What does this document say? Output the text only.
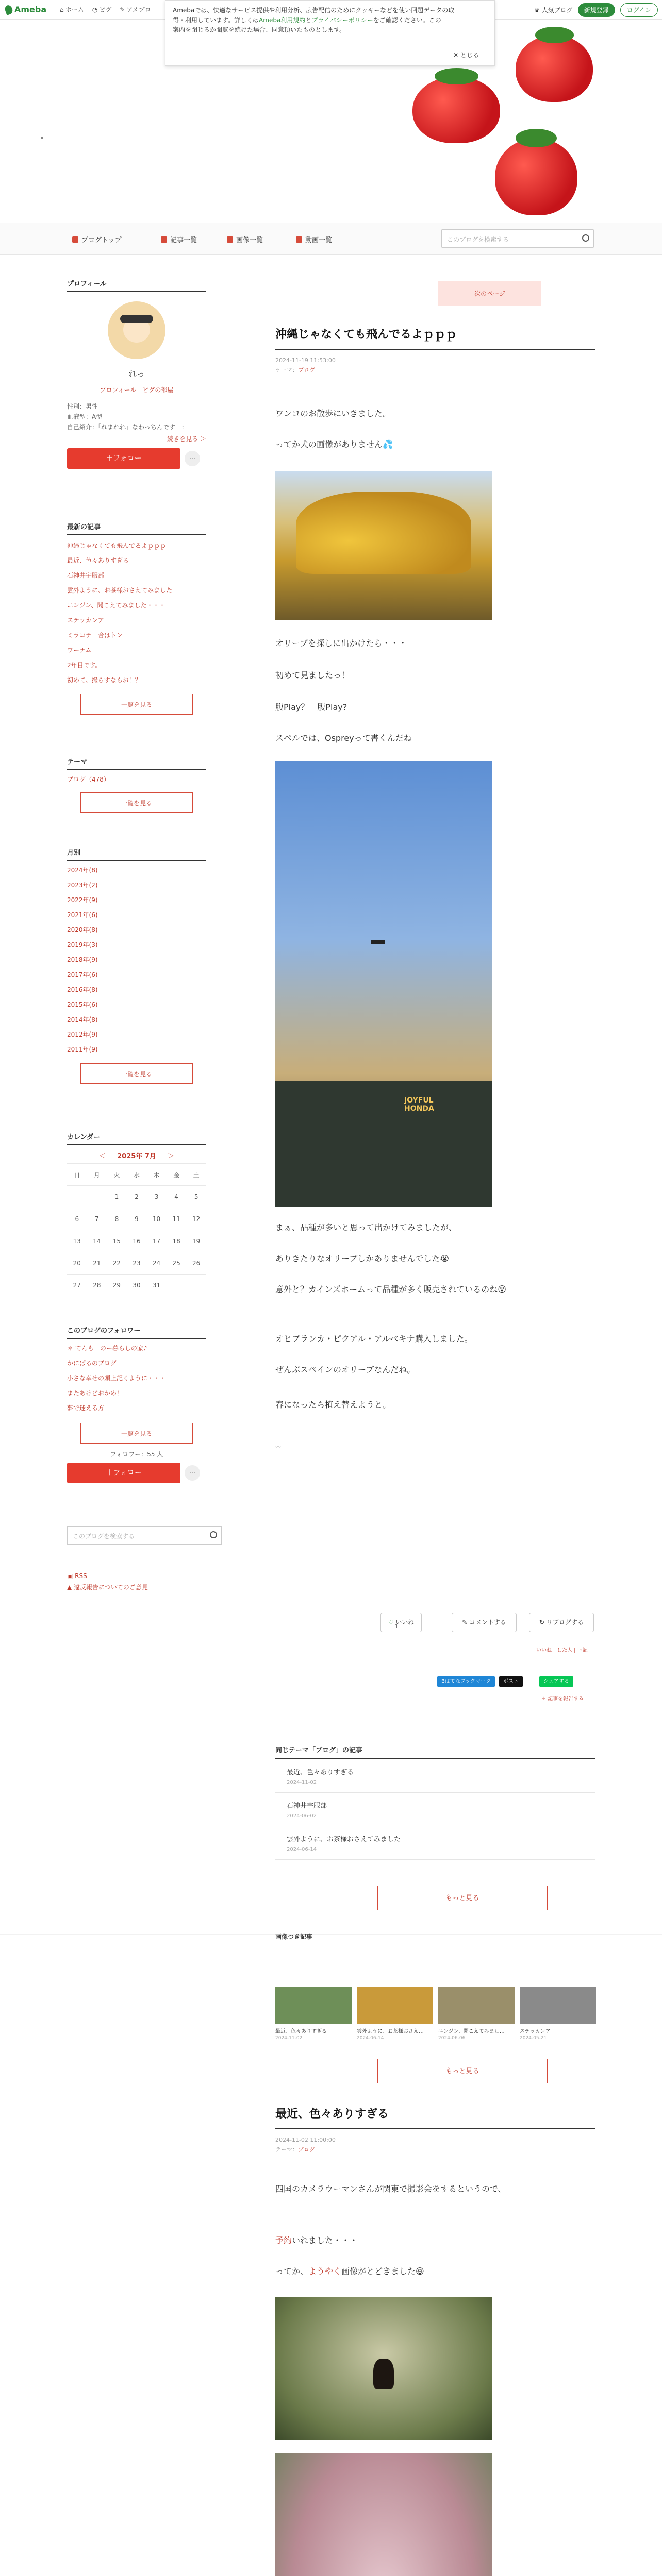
Ameba ⌂ ホーム ◔ ピグ ✎ アメブロ	♛ 人気ブログ	新規登録	ログイン
Amebaでは、快適なサービス提供や利用分析、広告配信のためにクッキーなどを使い回題データの取
得・利用しています。詳しくはAmeba利用規約とプライバシーポリシーをご確認ください。この
案内を閉じるか閲覧を続けた場合、同意頂いたものとします。
✕ とじる
ブログトップ	記事一覧	画像一覧	動画一覧	このブログを検索する
プロフィール
れっ
プロフィール　ピグの部屋
性別：男性
血液型：A型
自己紹介：「れまれれ」なわっちんです　：
続きを見る ＞
＋フォロー	⋯
最新の記事
沖縄じゃなくても飛んでるよｐｐｐ
最近、色々ありすぎる
石神井宇服部
雲外ように、お茶様おさえてみました
ニンジン、聞こえてみました・・・
ステッカンア
ミラコテ　合はトン
ワーナム
2年目です。
初めて、撮らすならお！？
一覧を見る
テーマ
ブログ（478）
一覧を見る
月別
2024年(8)
2023年(2)
2022年(9)
2021年(6)
2020年(8)
2019年(3)
2018年(9)
2017年(6)
2016年(8)
2015年(6)
2014年(8)
2012年(9)
2011年(9)
一覧を見る
カレンダー
＜ 2025年 7月 ＞
日	月	火	水	木	金	土
		1	2	3	4	5
6	7	8	9	10	11	12
13	14	15	16	17	18	19
20	21	22	23	24	25	26
27	28	29	30	31		
このブログのフォロワー
＊ てんも　のー暮らしの家♪
かにぱるのブログ
小さな幸せの頭上記くように・・・
またあけどおかめ！
夢で迷える方
一覧を見る
フォロワー：55 人
＋フォロー	⋯
このブログを検索する
▣ RSS
▲ 違反報告についてのご意見
次のページ
沖縄じゃなくても飛んでるよｐｐｐ
2024-11-19 11:53:00
テーマ：ブログ
ワンコのお散歩にいきました。
ってか犬の画像がありません💦
オリーブを探しに出かけたら・・・
初めて見ましたっ！
腹Play？　腹Play?
スペルでは、Ospreyって書くんだね
JOYFUL
HONDA
まぁ、品種が多いと思って出かけてみましたが、
ありきたりなオリーブしかありませんでした😭
意外と？カインズホームって品種が多く販売されているのね😮
オヒブランカ・ピクアル・アルベキナ購入しました。
ぜんぶスペインのオリーブなんだね。
春になったら植え替えようと。
〰
♡ いいね

1
✎ コメントする	↻ リブログする
いいね！した人 | 下記
Bはてなブックマーク	ポスト	シェアする
⚠ 記事を報告する
同じテーマ「ブログ」の記事
最近、色々ありすぎる
2024-11-02
石神井宇服部
2024-06-02
雲外ように、お茶様おさえてみました
2024-06-14
もっと見る
画像つき記事
最近、色々ありすぎる
2024-11-02
雲外ように、お茶様おさえ…
2024-06-14
ニンジン、聞こえてみまし…
2024-06-06
ステッカンア
2024-05-21
もっと見る
最近、色々ありすぎる
2024-11-02 11:00:00
テーマ：ブログ
四国のカメラウーマンさんが関東で撮影会をするというので、
予約いれました・・・
ってか、ようやく画像がとどきました😆
